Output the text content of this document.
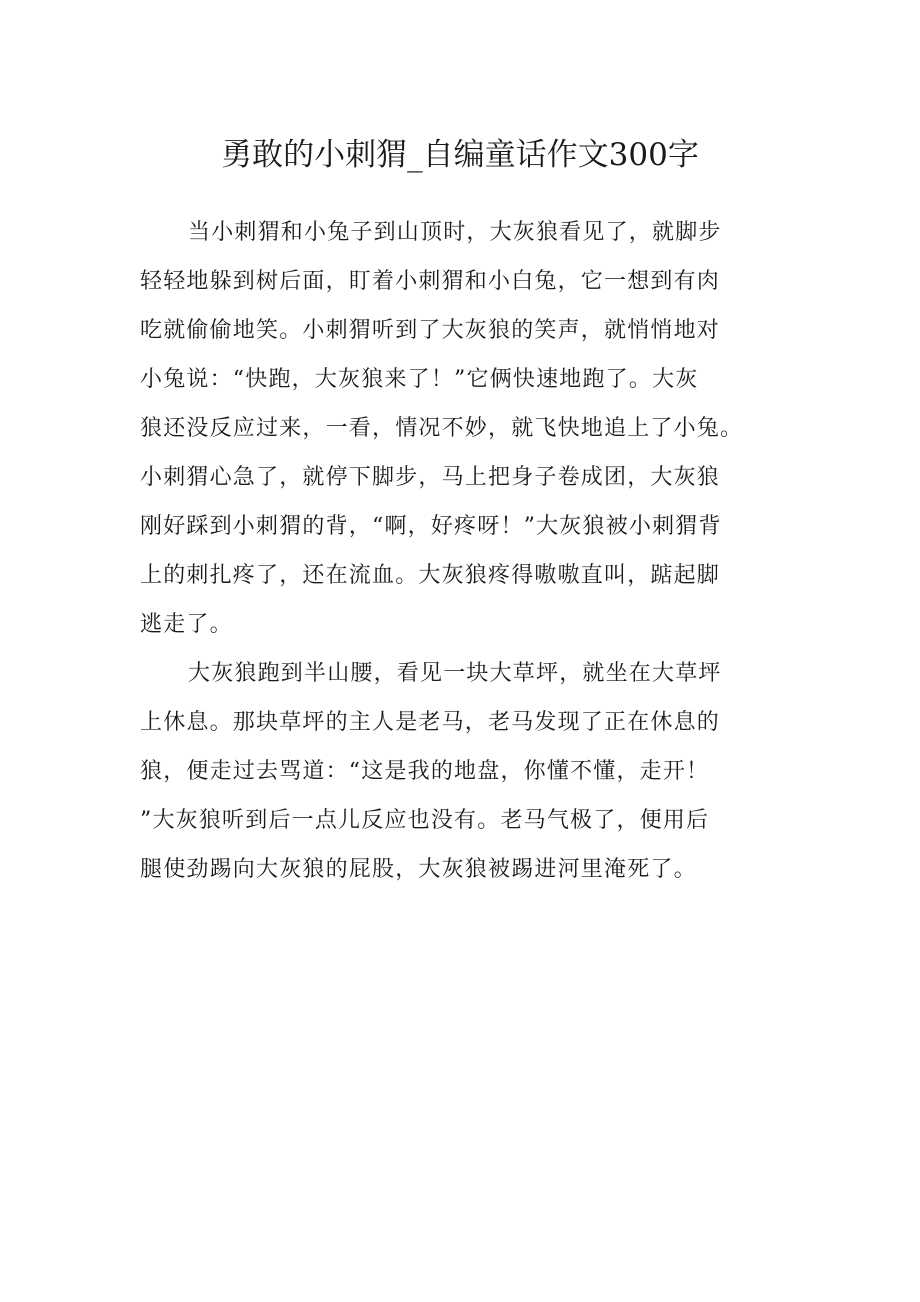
勇敢的小刺猬_自编童话作文300字
当小刺猬和小兔子到山顶时，大灰狼看见了，就脚步
轻轻地躲到树后面，盯着小刺猬和小白兔，它一想到有肉
吃就偷偷地笑。小刺猬听到了大灰狼的笑声，就悄悄地对
小兔说：“快跑，大灰狼来了！”它俩快速地跑了。大灰
狼还没反应过来，一看，情况不妙，就飞快地追上了小兔。
小刺猬心急了，就停下脚步，马上把身子卷成团，大灰狼
刚好踩到小刺猬的背，“啊，好疼呀！”大灰狼被小刺猬背
上的刺扎疼了，还在流血。大灰狼疼得嗷嗷直叫，踮起脚
逃走了。
大灰狼跑到半山腰，看见一块大草坪，就坐在大草坪
上休息。那块草坪的主人是老马，老马发现了正在休息的
狼，便走过去骂道：“这是我的地盘，你懂不懂，走开！
”大灰狼听到后一点儿反应也没有。老马气极了，便用后
腿使劲踢向大灰狼的屁股，大灰狼被踢进河里淹死了。
